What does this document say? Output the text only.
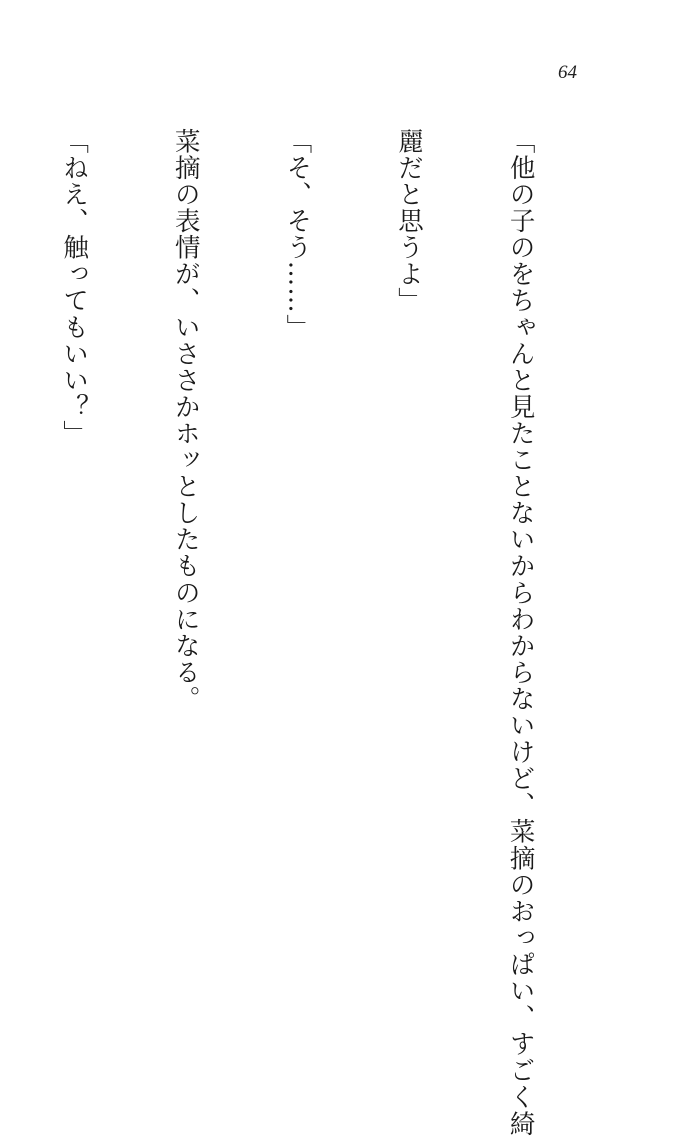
64

「他の子のをちゃんと見たことないからわからないけど、菜摘のおっぱい、すごく綺

麗だと思うよ」

「そ、そう……」

菜摘の表情が、いささかホッとしたものになる。

「ねえ、触ってもいい？」
